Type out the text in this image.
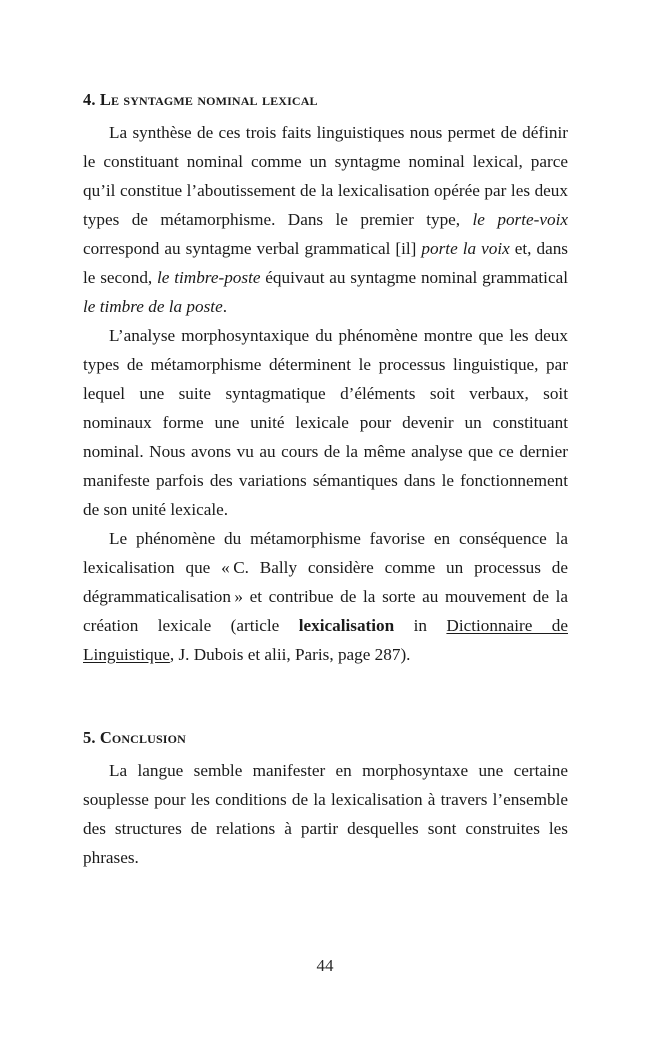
4. Le syntagme nominal lexical

La synthèse de ces trois faits linguistiques nous permet de définir le constituant nominal comme un syntagme nominal lexical, parce qu’il constitue l’aboutissement de la lexicalisation opérée par les deux types de métamorphisme. Dans le premier type, le porte-voix correspond au syntagme verbal grammatical [il] porte la voix et, dans le second, le timbre-poste équivaut au syntagme nominal grammatical le timbre de la poste.

L’analyse morphosyntaxique du phénomène montre que les deux types de métamorphisme déterminent le processus linguistique, par lequel une suite syntagmatique d’éléments soit verbaux, soit nominaux forme une unité lexicale pour devenir un constituant nominal. Nous avons vu au cours de la même analyse que ce dernier manifeste parfois des variations sémantiques dans le fonctionnement de son unité lexicale.

Le phénomène du métamorphisme favorise en conséquence la lexicalisation que « C. Bally considère comme un processus de dégrammaticalisation » et contribue de la sorte au mouvement de la création lexicale (article lexicalisation in Dictionnaire de Linguistique, J. Dubois et alii, Paris, page 287).

5. Conclusion

La langue semble manifester en morphosyntaxe une certaine souplesse pour les conditions de la lexicalisation à travers l’ensemble des structures de relations à partir desquelles sont construites les phrases.

44
